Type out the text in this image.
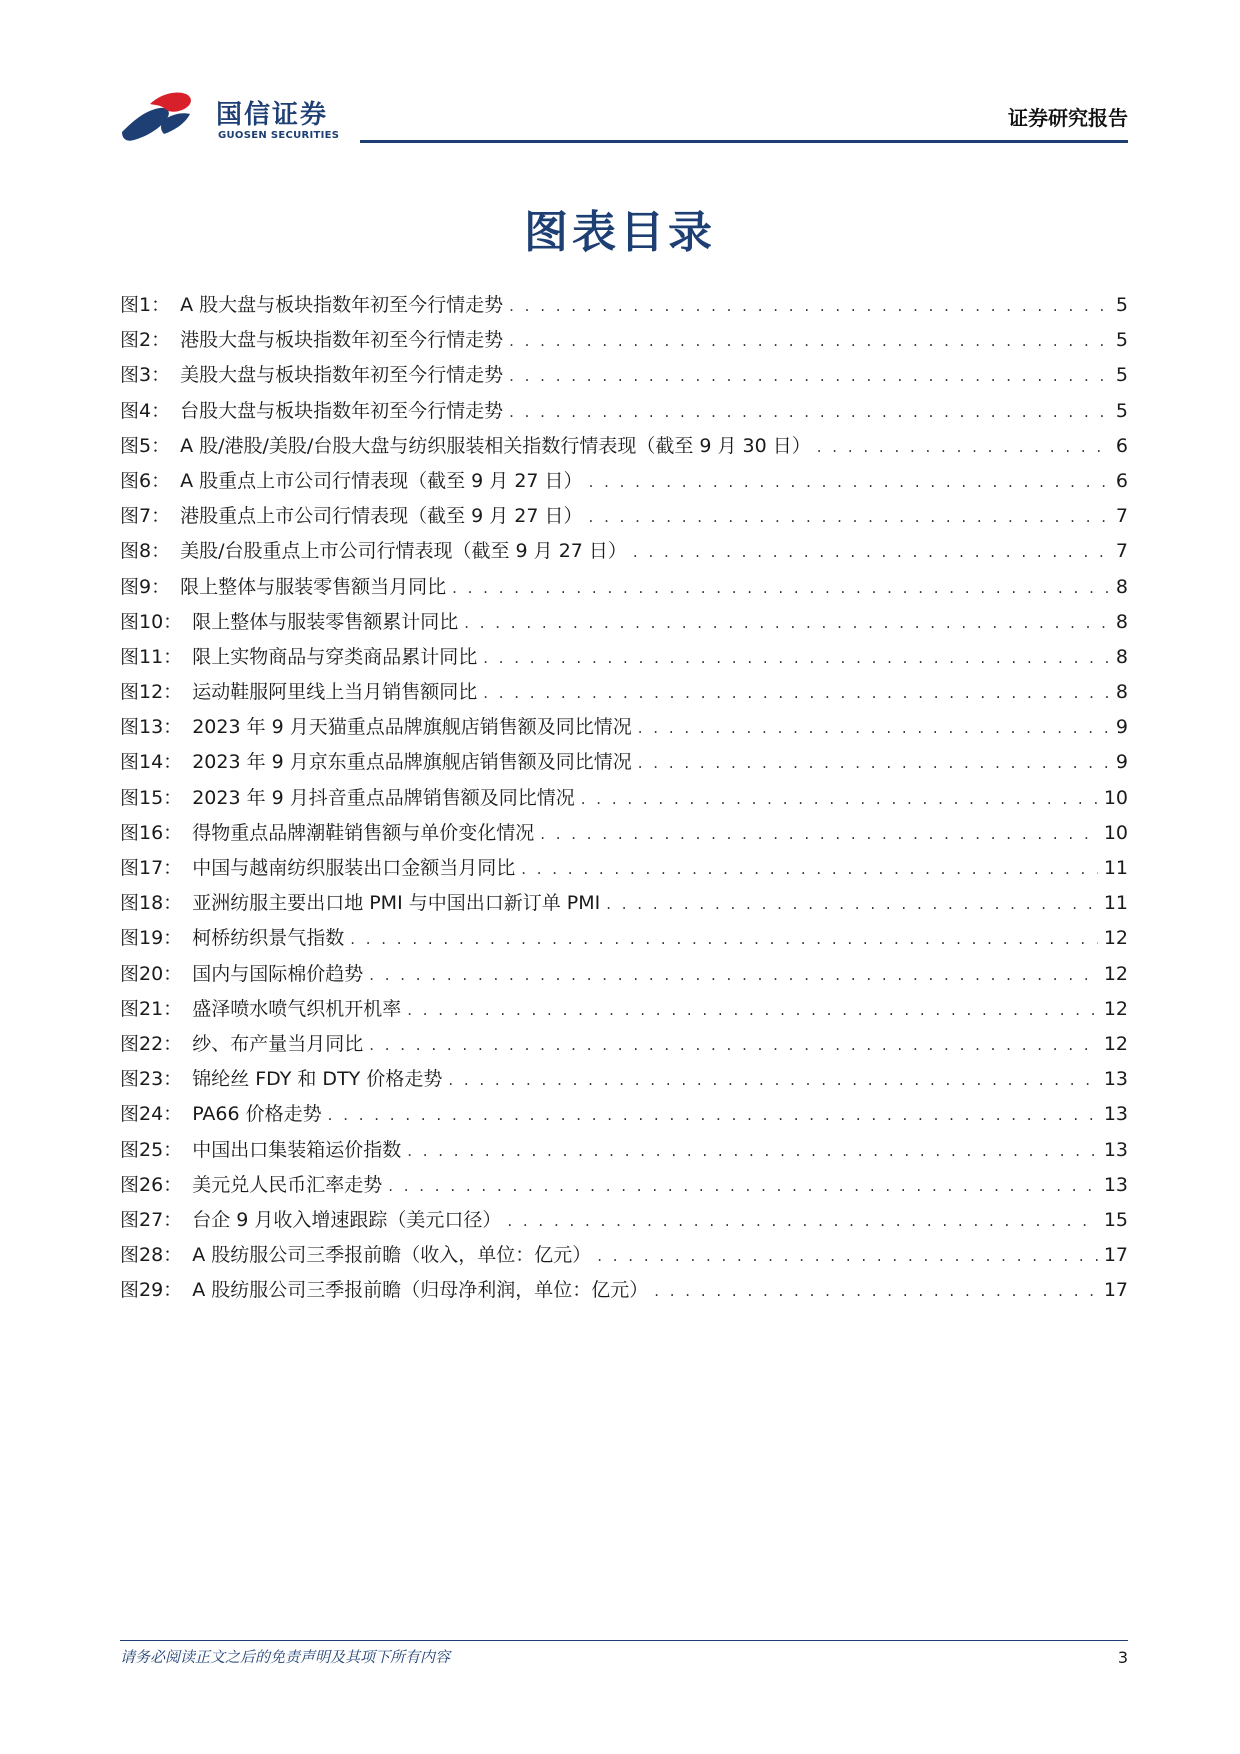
国信证券
GUOSEN SECURITIES
证券研究报告
图表目录
图1： A 股大盘与板块指数年初至今行情走势 . . .	5
图2： 港股大盘与板块指数年初至今行情走势 . . .	5
图3： 美股大盘与板块指数年初至今行情走势 . . .	5
图4： 台股大盘与板块指数年初至今行情走势 . . .	5
图5： A 股/港股/美股/台股大盘与纺织服装相关指数行情表现（截至 9 月 30 日） . . .	6
图6： A 股重点上市公司行情表现（截至 9 月 27 日） . . .	6
图7： 港股重点上市公司行情表现（截至 9 月 27 日） . . .	7
图8： 美股/台股重点上市公司行情表现（截至 9 月 27 日） . . .	7
图9： 限上整体与服装零售额当月同比 . . .	8
图10： 限上整体与服装零售额累计同比 . . .	8
图11： 限上实物商品与穿类商品累计同比 . . .	8
图12： 运动鞋服阿里线上当月销售额同比 . . .	8
图13： 2023 年 9 月天猫重点品牌旗舰店销售额及同比情况 . . .	9
图14： 2023 年 9 月京东重点品牌旗舰店销售额及同比情况 . . .	9
图15： 2023 年 9 月抖音重点品牌销售额及同比情况 . . .	10
图16： 得物重点品牌潮鞋销售额与单价变化情况 . . .	10
图17： 中国与越南纺织服装出口金额当月同比 . . .	11
图18： 亚洲纺服主要出口地 PMI 与中国出口新订单 PMI . . .	11
图19： 柯桥纺织景气指数 . . .	12
图20： 国内与国际棉价趋势 . . .	12
图21： 盛泽喷水喷气织机开机率 . . .	12
图22： 纱、布产量当月同比 . . .	12
图23： 锦纶丝 FDY 和 DTY 价格走势 . . .	13
图24： PA66 价格走势 . . .	13
图25： 中国出口集装箱运价指数 . . .	13
图26： 美元兑人民币汇率走势 . . .	13
图27： 台企 9 月收入增速跟踪（美元口径） . . .	15
图28： A 股纺服公司三季报前瞻（收入，单位：亿元） . . .	17
图29： A 股纺服公司三季报前瞻（归母净利润，单位：亿元） . . .	17
请务必阅读正文之后的免责声明及其项下所有内容	3
